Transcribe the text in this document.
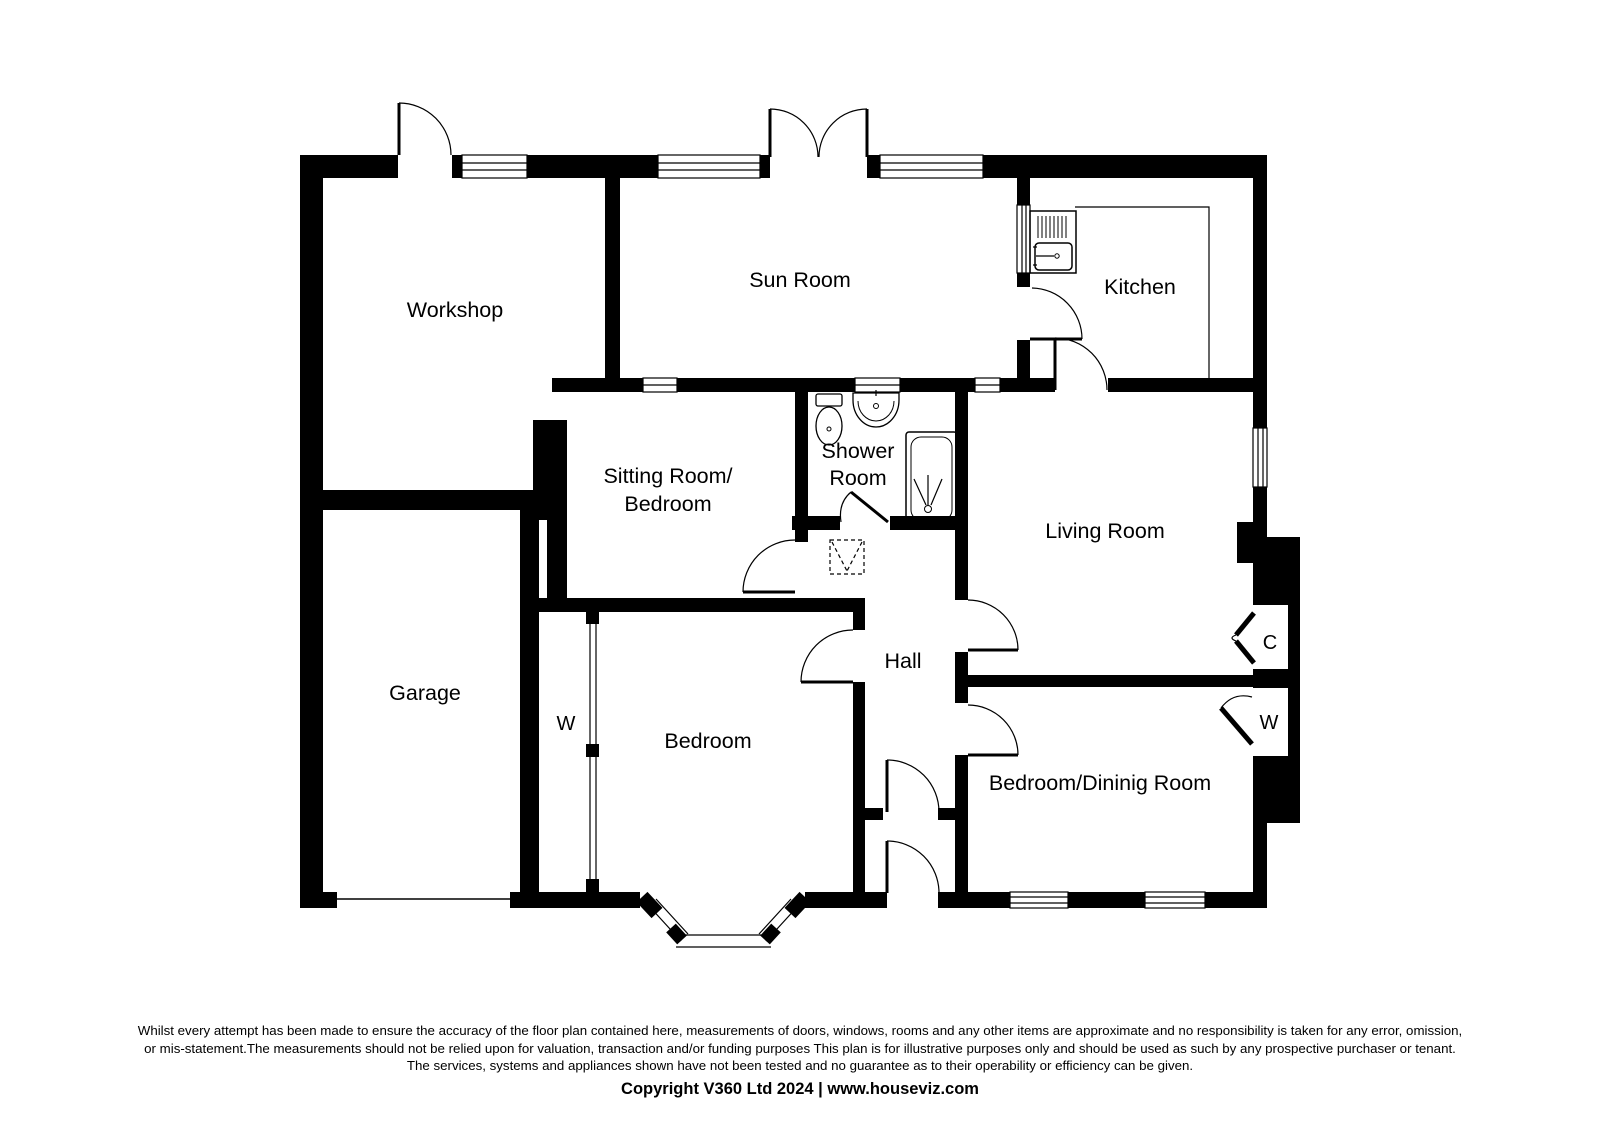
Workshop
Sun Room	Kitchen
Sitting Room/
Bedroom
Shower
Room
Living Room
Garage
W
Bedroom
Hall
Bedroom/Dininig Room
C
W

Whilst every attempt has been made to ensure the accuracy of the floor plan contained here, measurements of doors, windows, rooms and any other items are approximate and no responsibility is taken for any error, omission,

or mis-statement.The measurements should not be relied upon for valuation, transaction and/or funding purposes This plan is for illustrative purposes only and should be used as such by any prospective purchaser or tenant.

The services, systems and appliances shown have not been tested and no guarantee as to their operability or efficiency can be given.

Copyright V360 Ltd 2024 | www.houseviz.com
